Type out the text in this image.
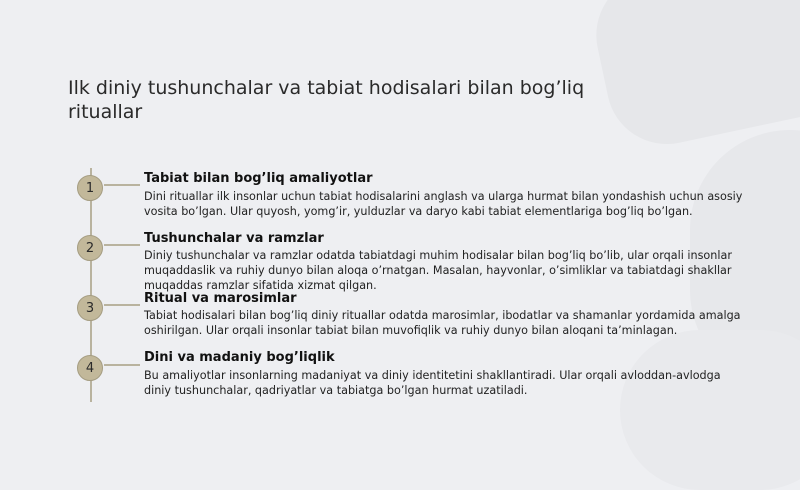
Ilk diniy tushunchalar va tabiat hodisalari bilan bog’liq rituallar
1
Tabiat bilan bog’liq amaliyotlar
Dini rituallar ilk insonlar uchun tabiat hodisalarini anglash va ularga hurmat bilan yondashish uchun asosiy vosita bo’lgan. Ular quyosh, yomg’ir, yulduzlar va daryo kabi tabiat elementlariga bog’liq bo’lgan.
2
Tushunchalar va ramzlar
Diniy tushunchalar va ramzlar odatda tabiatdagi muhim hodisalar bilan bog’liq bo’lib, ular orqali insonlar muqaddaslik va ruhiy dunyo bilan aloqa o’rnatgan. Masalan, hayvonlar, o’simliklar va tabiatdagi shakllar muqaddas ramzlar sifatida xizmat qilgan.
3
Ritual va marosimlar
Tabiat hodisalari bilan bog’liq diniy rituallar odatda marosimlar, ibodatlar va shamanlar yordamida amalga oshirilgan. Ular orqali insonlar tabiat bilan muvofiqlik va ruhiy dunyo bilan aloqani ta’minlagan.
4
Dini va madaniy bog’liqlik
Bu amaliyotlar insonlarning madaniyat va diniy identitetini shakllantiradi. Ular orqali avloddan-avlodga diniy tushunchalar, qadriyatlar va tabiatga bo’lgan hurmat uzatiladi.
